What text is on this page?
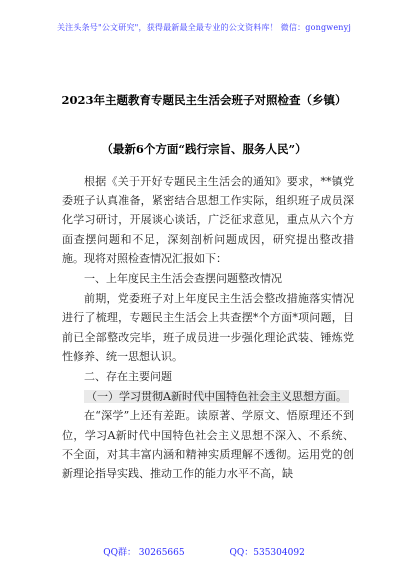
关注头条号"公文研究"，获得最新最全最专业的公文资料库！ 微信：gongwenyj
2023年主题教育专题民主生活会班子对照检查（乡镇）
（最新6个方面“践行宗旨、服务人民”）

根据《关于开好专题民主生活会的通知》要求，**镇党委班子认真准备，紧密结合思想工作实际，组织班子成员深化学习研讨，开展谈心谈话，广泛征求意见，重点从六个方面查摆问题和不足，深刻剖析问题成因，研究提出整改措施。现将对照检查情况汇报如下：

一、上年度民主生活会查摆问题整改情况

前期，党委班子对上年度民主生活会整改措施落实情况进行了梳理，专题民主生活会上共查摆*个方面*项问题，目前已全部整改完毕，班子成员进一步强化理论武装、锤炼党性修养、统一思想认识。

二、存在主要问题

（一）学习贯彻A新时代中国特色社会主义思想方面。

在“深学”上还有差距。读原著、学原文、悟原理还不到位，学习A新时代中国特色社会主义思想不深入、不系统、不全面，对其丰富内涵和精神实质理解不透彻。运用党的创新理论指导实践、推动工作的能力水平不高，缺

QQ群： 30265665	QQ：535304092
